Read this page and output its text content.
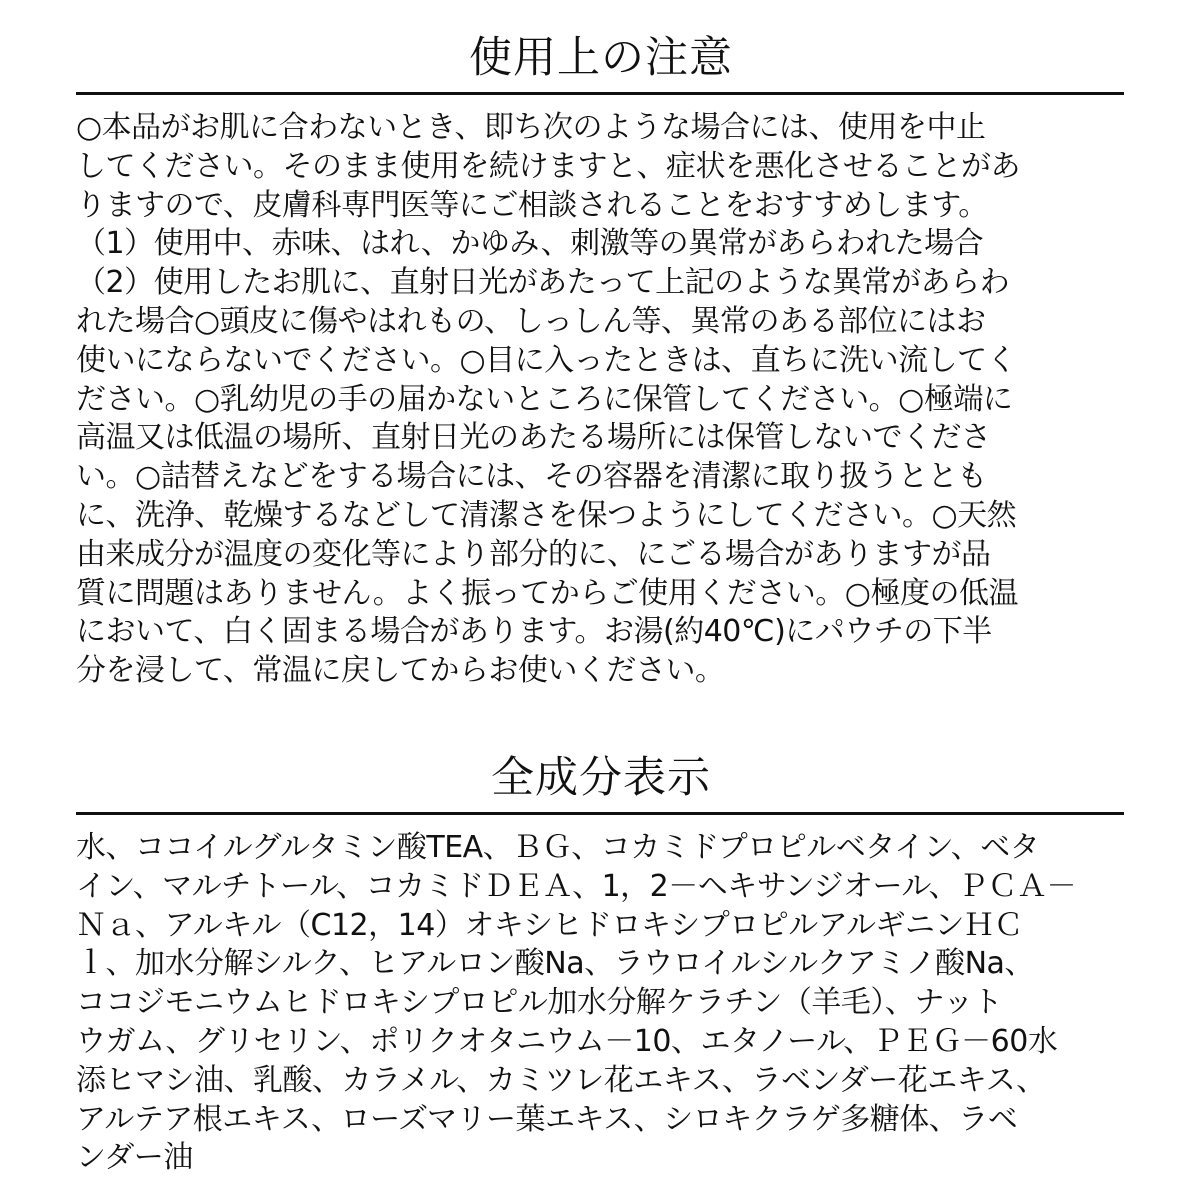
使用上の注意
○本品がお肌に合わないとき、即ち次のような場合には、使用を中止
してください。そのまま使用を続けますと、症状を悪化させることがあ
りますので、皮膚科専門医等にご相談されることをおすすめします。
（1）使用中、赤味、はれ、かゆみ、刺激等の異常があらわれた場合
（2）使用したお肌に、直射日光があたって上記のような異常があらわ
れた場合○頭皮に傷やはれもの、しっしん等、異常のある部位にはお
使いにならないでください。○目に入ったときは、直ちに洗い流してく
ださい。○乳幼児の手の届かないところに保管してください。○極端に
高温又は低温の場所、直射日光のあたる場所には保管しないでくださ
い。○詰替えなどをする場合には、その容器を清潔に取り扱うととも
に、洗浄、乾燥するなどして清潔さを保つようにしてください。○天然
由来成分が温度の変化等により部分的に、にごる場合がありますが品
質に問題はありません。よく振ってからご使用ください。○極度の低温
において、白く固まる場合があります。お湯(約40℃)にパウチの下半
分を浸して、常温に戻してからお使いください。
全成分表示
水、ココイルグルタミン酸TEA、ＢＧ、コカミドプロピルベタイン、ベタ
イン、マルチトール、コカミドＤＥＡ、1，2－ヘキサンジオール、ＰＣＡ－
Ｎａ、アルキル（C12，14）オキシヒドロキシプロピルアルギニンＨＣ
ｌ、加水分解シルク、ヒアルロン酸Na、ラウロイルシルクアミノ酸Na、
ココジモニウムヒドロキシプロピル加水分解ケラチン（羊毛）、ナット
ウガム、グリセリン、ポリクオタニウム－10、エタノール、ＰＥＧ－60水
添ヒマシ油、乳酸、カラメル、カミツレ花エキス、ラベンダー花エキス、
アルテア根エキス、ローズマリー葉エキス、シロキクラゲ多糖体、ラベ
ンダー油
